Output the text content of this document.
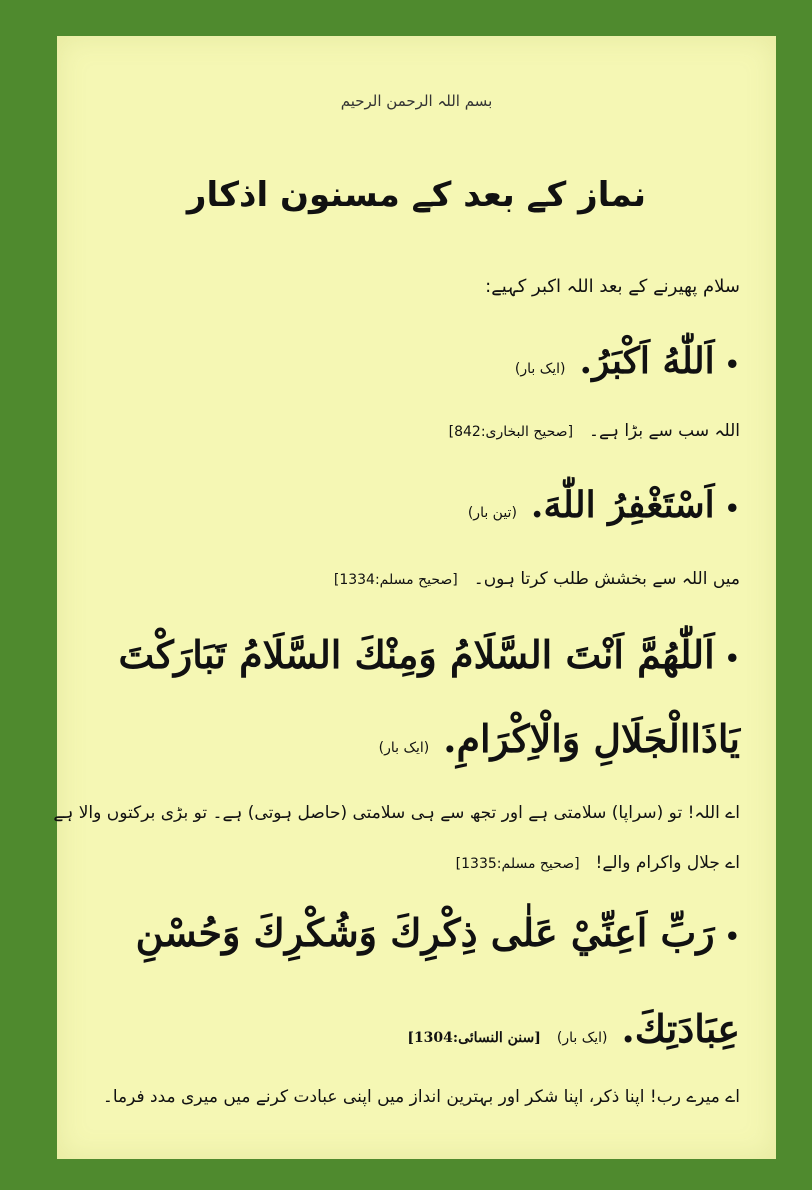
بسم اللہ الرحمن الرحیم
نماز کے بعد کے مسنون اذکار
سلام پھیرنے کے بعد اللہ اکبر کہیے:
•اَللّٰهُ اَكْبَرُ.(ایک بار)
اللہ سب سے بڑا ہے۔[صحیح البخاری:842]
•اَسْتَغْفِرُ اللّٰهَ.(تین بار)
میں اللہ سے بخشش طلب کرتا ہوں۔[صحیح مسلم:1334]
•اَللّٰهُمَّ اَنْتَ السَّلَامُ وَمِنْكَ السَّلَامُ تَبَارَكْتَ
يَاذَاالْجَلَالِ وَالْاِكْرَامِ.(ایک بار)
اے اللہ! تو (سراپا) سلامتی ہے اور تجھ سے ہی سلامتی (حاصل ہوتی) ہے۔ تو بڑی برکتوں والا ہے
اے جلال واکرام والے![صحیح مسلم:1335]
•رَبِّ اَعِنِّيْ عَلٰى ذِكْرِكَ وَشُكْرِكَ وَحُسْنِ
عِبَادَتِكَ.(ایک بار)[سنن النسائی:1304]
اے میرے رب! اپنا ذکر، اپنا شکر اور بہترین انداز میں اپنی عبادت کرنے میں میری مدد فرما۔
